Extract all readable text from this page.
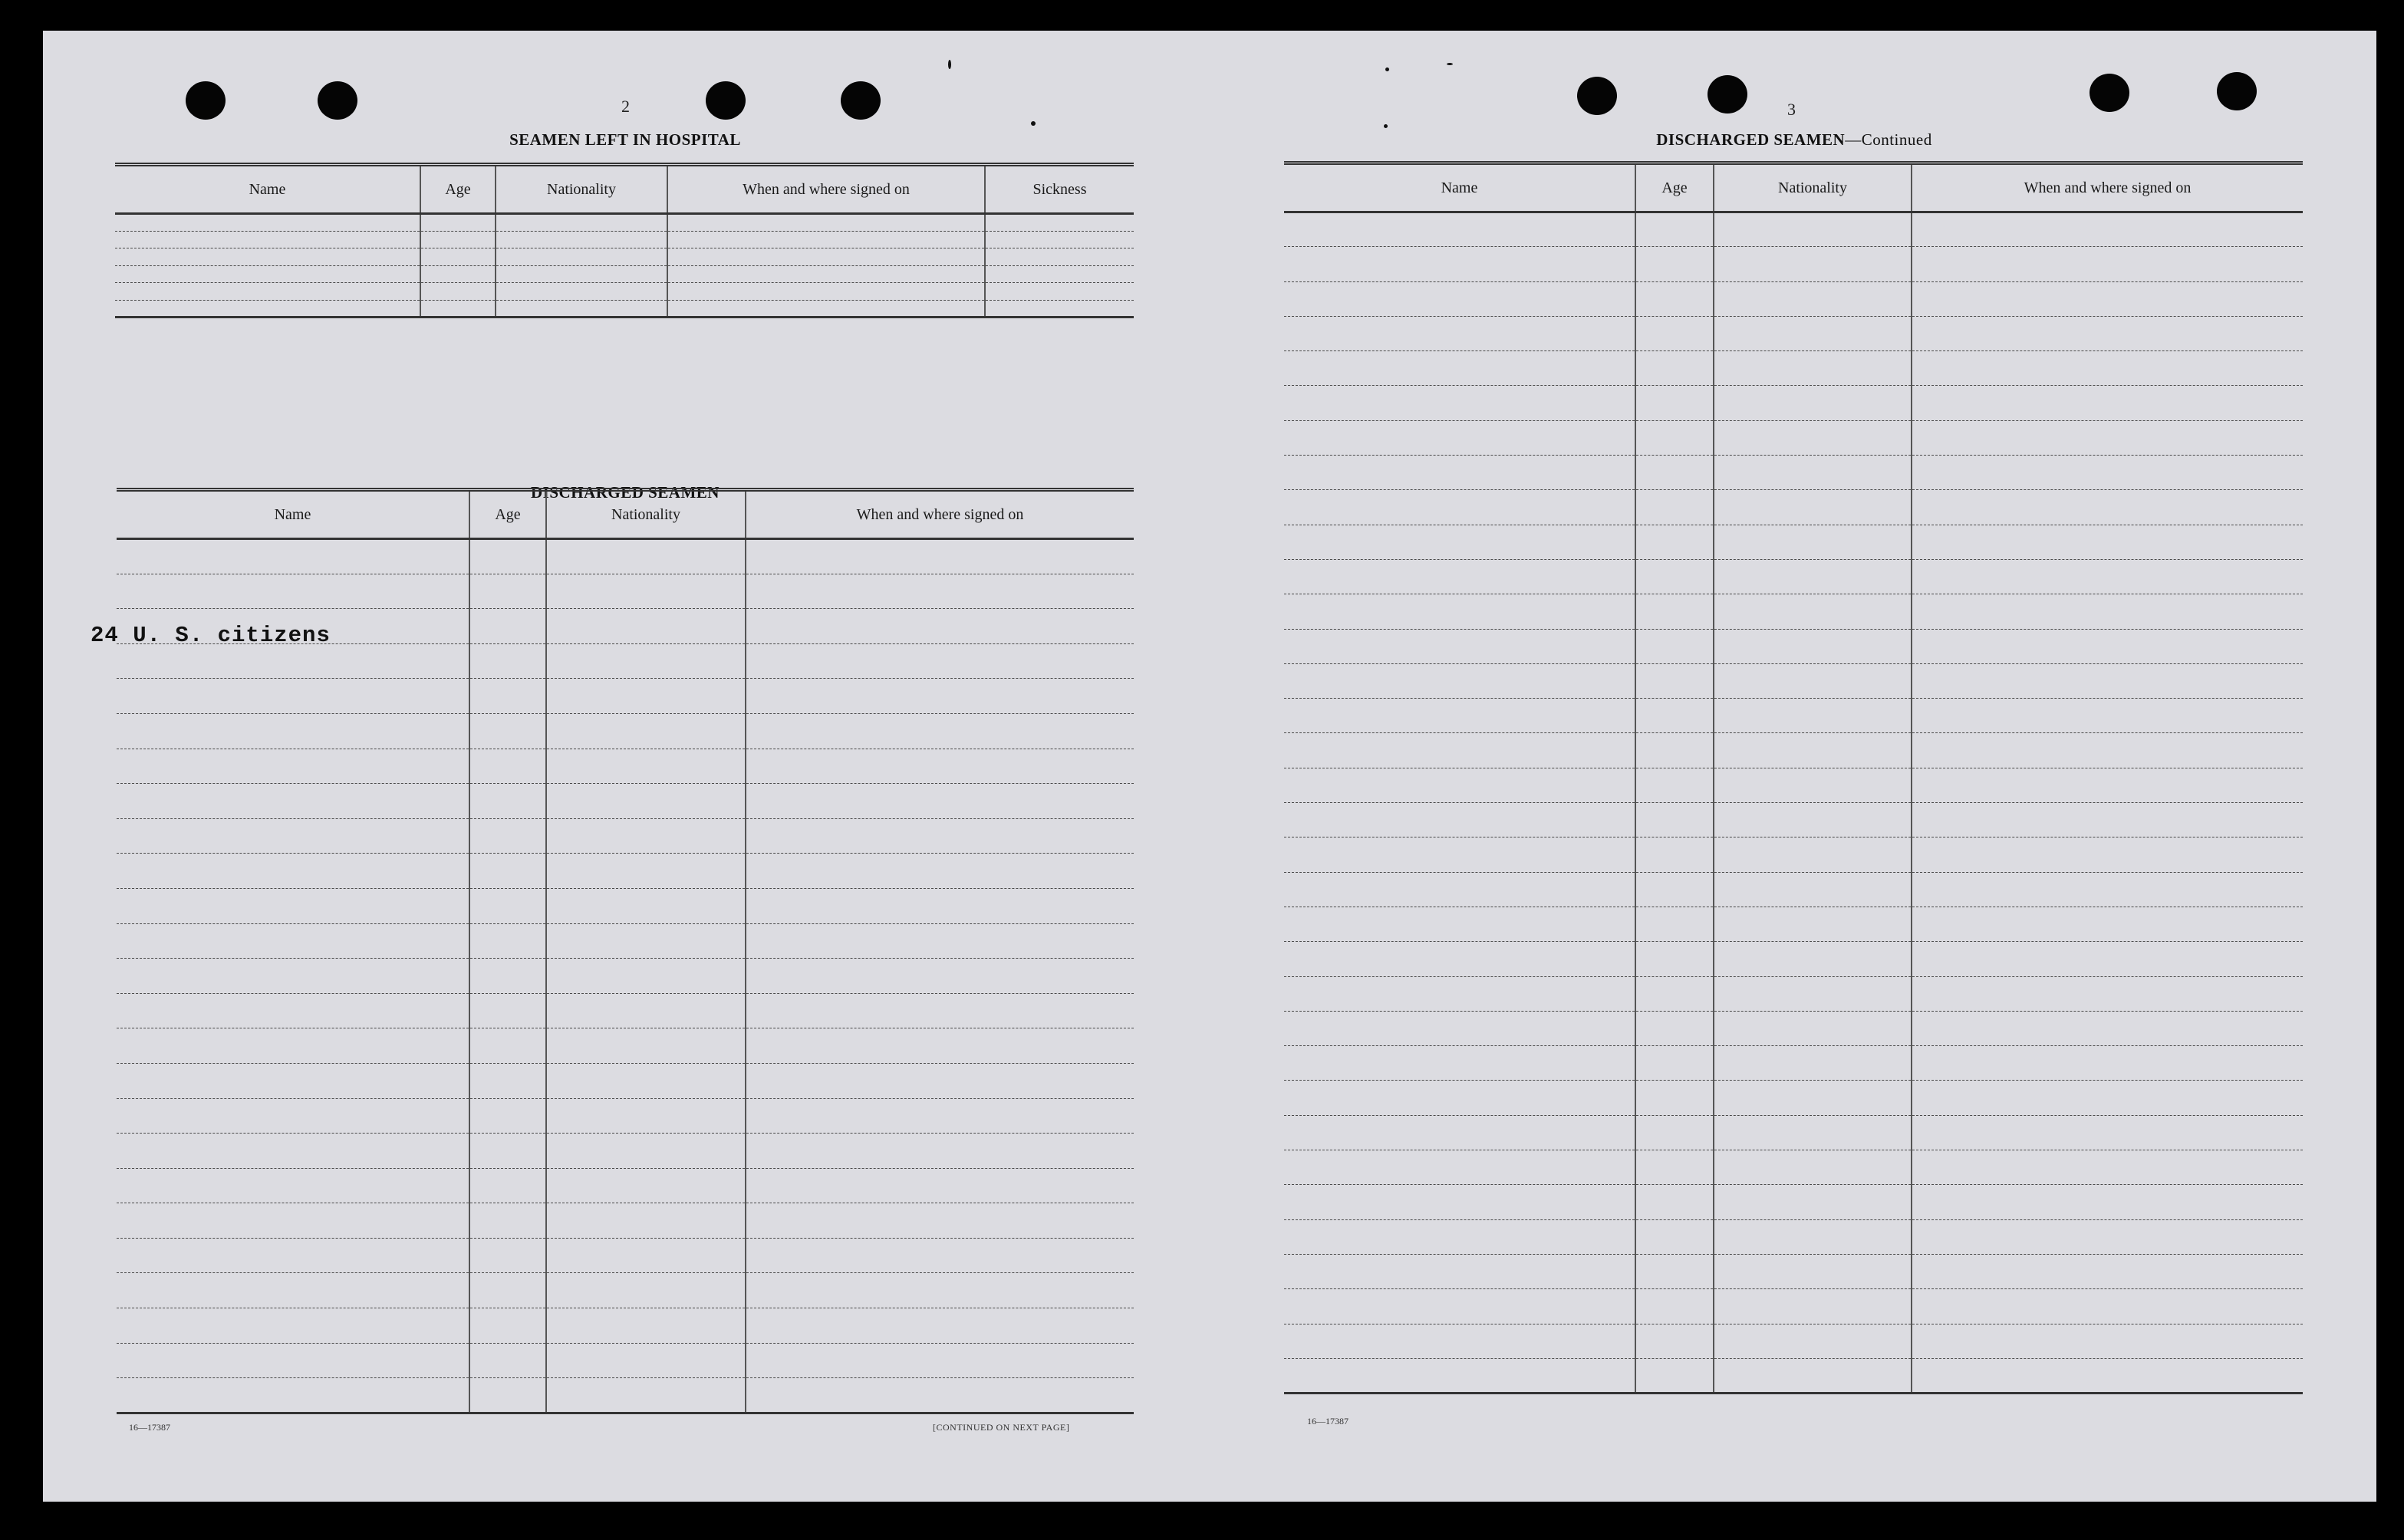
2
SEAMEN LEFT IN HOSPITAL
Name	Age	Nationality	When and where signed on	Sickness

DISCHARGED SEAMEN
Name	Age	Nationality	When and where signed on

24 U. S. citizens
16—17387	[CONTINUED ON NEXT PAGE]
3
DISCHARGED SEAMEN—Continued
Name	Age	Nationality	When and where signed on

16—17387
